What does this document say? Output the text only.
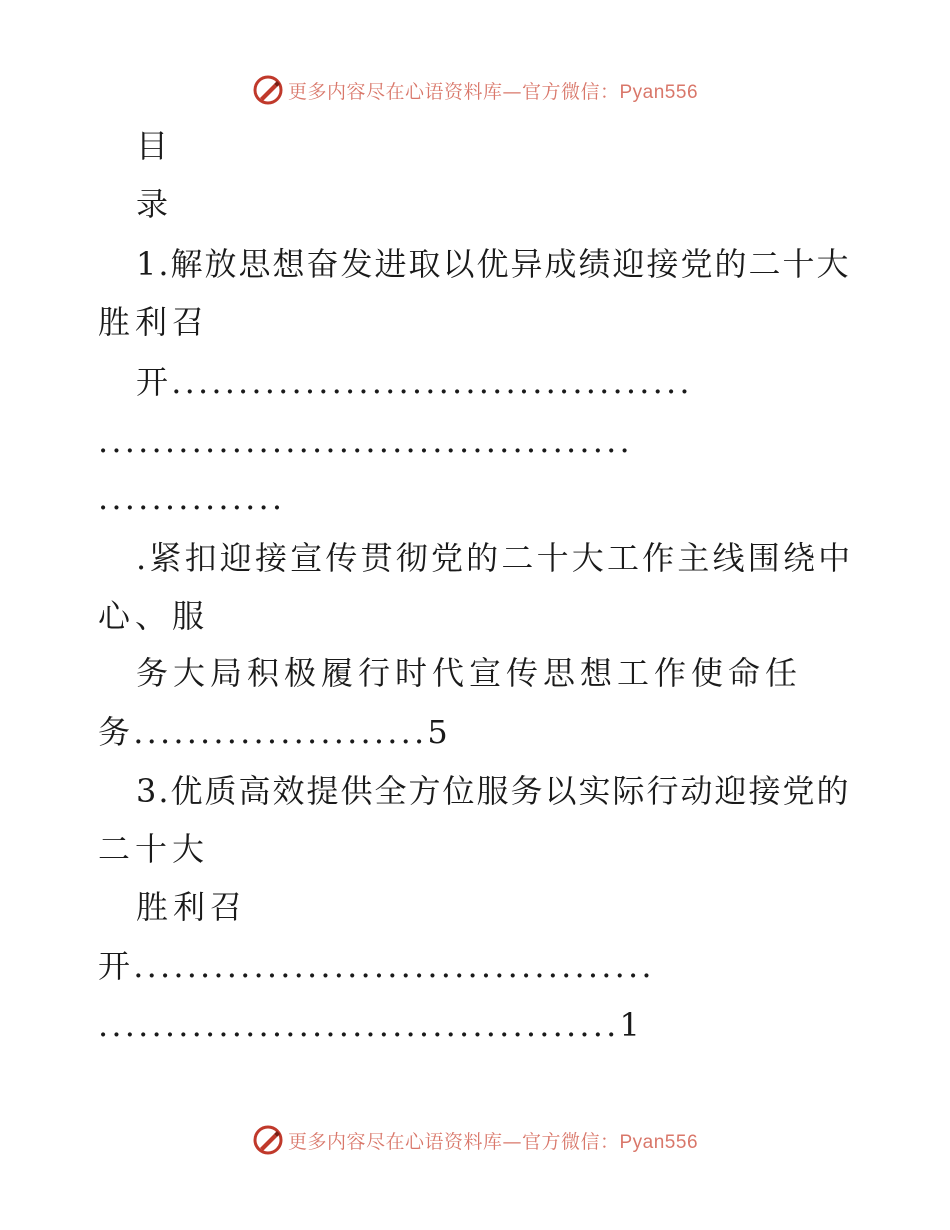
更多内容尽在心语资料库—官方微信：Pyan556
目
录
1.解放思想奋发进取以优异成绩迎接党的二十大
胜利召
开.......................................
........................................
..............
.紧扣迎接宣传贯彻党的二十大工作主线围绕中
心、服
务大局积极履行时代宣传思想工作使命任
务......................5
3.优质高效提供全方位服务以实际行动迎接党的
二十大
胜利召
开.......................................
.......................................1
更多内容尽在心语资料库—官方微信：Pyan556
